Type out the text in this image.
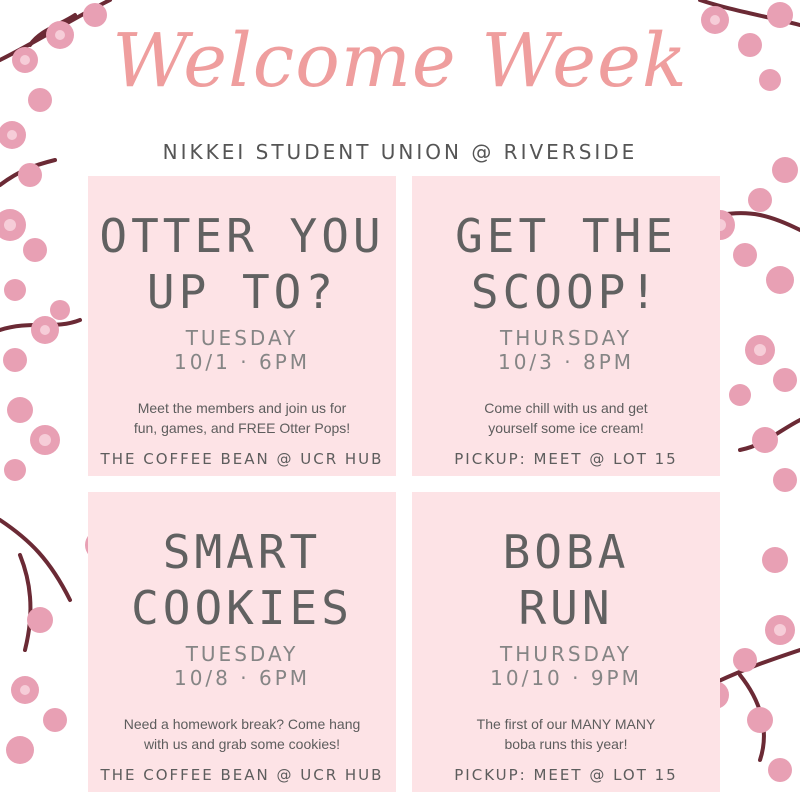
Welcome Week
NIKKEI STUDENT UNION @ RIVERSIDE
OTTER YOU
UP TO?
TUESDAY
10/1 · 6PM
Meet the members and join us for
fun, games, and FREE Otter Pops!
THE COFFEE BEAN @ UCR HUB
GET THE
SCOOP!
THURSDAY
10/3 · 8PM
Come chill with us and get
yourself some ice cream!
PICKUP: MEET @ LOT 15
SMART
COOKIES
TUESDAY
10/8 · 6PM
Need a homework break? Come hang
with us and grab some cookies!
THE COFFEE BEAN @ UCR HUB
BOBA
RUN
THURSDAY
10/10 · 9PM
The first of our MANY MANY
boba runs this year!
PICKUP: MEET @ LOT 15
